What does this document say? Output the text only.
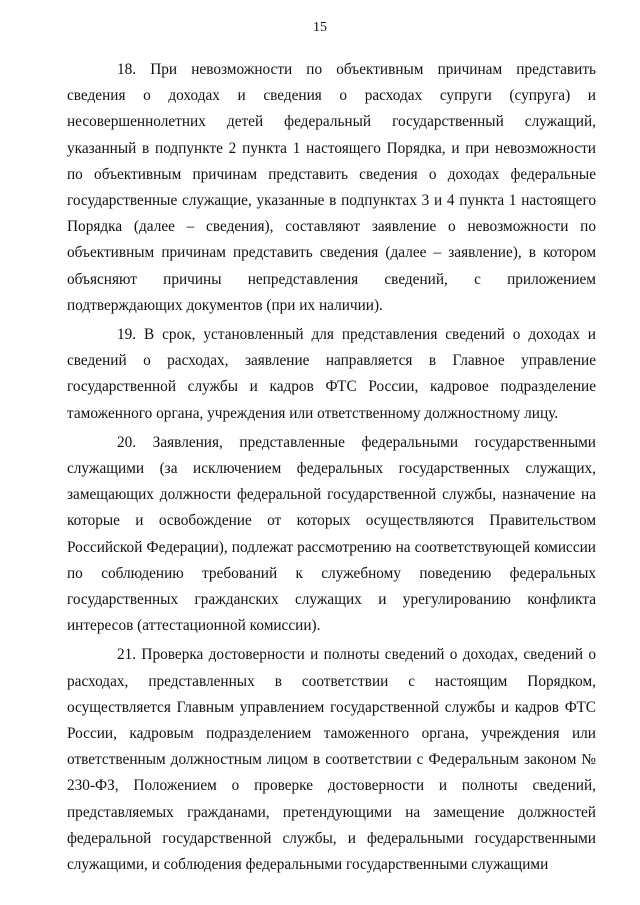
15

18. При невозможности по объективным причинам представить сведения о доходах и сведения о расходах супруги (супруга) и несовершеннолетних детей федеральный государственный служащий, указанный в подпункте 2 пункта 1 настоящего Порядка, и при невозможности по объективным причинам представить сведения о доходах федеральные государственные служащие, указанные в подпунктах 3 и 4 пункта 1 настоящего Порядка (далее – сведения), составляют заявление о невозможности по объективным причинам представить сведения (далее – заявление), в котором объясняют причины непредставления сведений, с приложением подтверждающих документов (при их наличии).

19. В срок, установленный для представления сведений о доходах и сведений о расходах, заявление направляется в Главное управление государственной службы и кадров ФТС России, кадровое подразделение таможенного органа, учреждения или ответственному должностному лицу.

20. Заявления, представленные федеральными государственными служащими (за исключением федеральных государственных служащих, замещающих должности федеральной государственной службы, назначение на которые и освобождение от которых осуществляются Правительством Российской Федерации), подлежат рассмотрению на соответствующей комиссии по соблюдению требований к служебному поведению федеральных государственных гражданских служащих и урегулированию конфликта интересов (аттестационной комиссии).

21. Проверка достоверности и полноты сведений о доходах, сведений о расходах, представленных в соответствии с настоящим Порядком, осуществляется Главным управлением государственной службы и кадров ФТС России, кадровым подразделением таможенного органа, учреждения или ответственным должностным лицом в соответствии с Федеральным законом № 230-ФЗ, Положением о проверке достоверности и полноты сведений, представляемых гражданами, претендующими на замещение должностей федеральной государственной службы, и федеральными государственными служащими, и соблюдения федеральными государственными служащими
